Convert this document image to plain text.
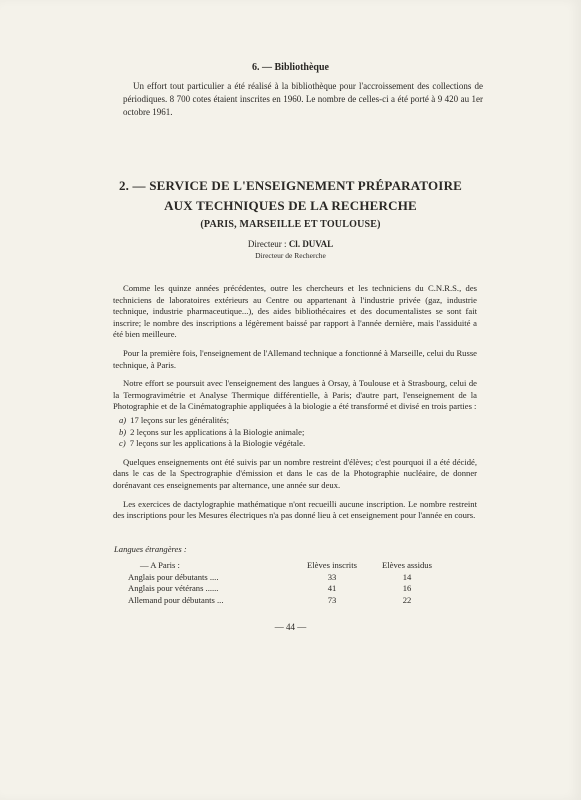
6. — Bibliothèque
Un effort tout particulier a été réalisé à la bibliothèque pour l'accroissement des collections de périodiques. 8 700 cotes étaient inscrites en 1960. Le nombre de celles-ci a été porté à 9 420 au 1er octobre 1961.
2. — SERVICE DE L'ENSEIGNEMENT PRÉPARATOIRE
AUX TECHNIQUES DE LA RECHERCHE
(PARIS, MARSEILLE ET TOULOUSE)
Directeur : Cl. DUVAL
Directeur de Recherche

Comme les quinze années précédentes, outre les chercheurs et les techniciens du C.N.R.S., des techniciens de laboratoires extérieurs au Centre ou appartenant à l'industrie privée (gaz, industrie technique, industrie pharmaceutique...), des aides bibliothécaires et des documentalistes se sont fait inscrire; le nombre des inscriptions a légèrement baissé par rapport à l'année dernière, mais l'assiduité a été bien meilleure.

Pour la première fois, l'enseignement de l'Allemand technique a fonctionné à Marseille, celui du Russe technique, à Paris.

Notre effort se poursuit avec l'enseignement des langues à Orsay, à Toulouse et à Strasbourg, celui de la Termogravimétrie et Analyse Thermique différentielle, à Paris; d'autre part, l'enseignement de la Photographie et de la Cinématographie appliquées à la biologie a été transformé et divisé en trois parties :

a) 17 leçons sur les généralités;
b) 2 leçons sur les applications à la Biologie animale;
c) 7 leçons sur les applications à la Biologie végétale.

Quelques enseignements ont été suivis par un nombre restreint d'élèves; c'est pourquoi il a été décidé, dans le cas de la Spectrographie d'émission et dans le cas de la Photographie nucléaire, de donner dorénavant ces enseignements par alternance, une année sur deux.

Les exercices de dactylographie mathématique n'ont recueilli aucune inscription. Le nombre restreint des inscriptions pour les Mesures électriques n'a pas donné lieu à cet enseignement pour l'année en cours.

Langues étrangères :
— A Paris :	Elèves inscrits	Elèves assidus
Anglais pour débutants ....	33	14
Anglais pour vétérans ......	41	16
Allemand pour débutants ...	73	22
— 44 —
